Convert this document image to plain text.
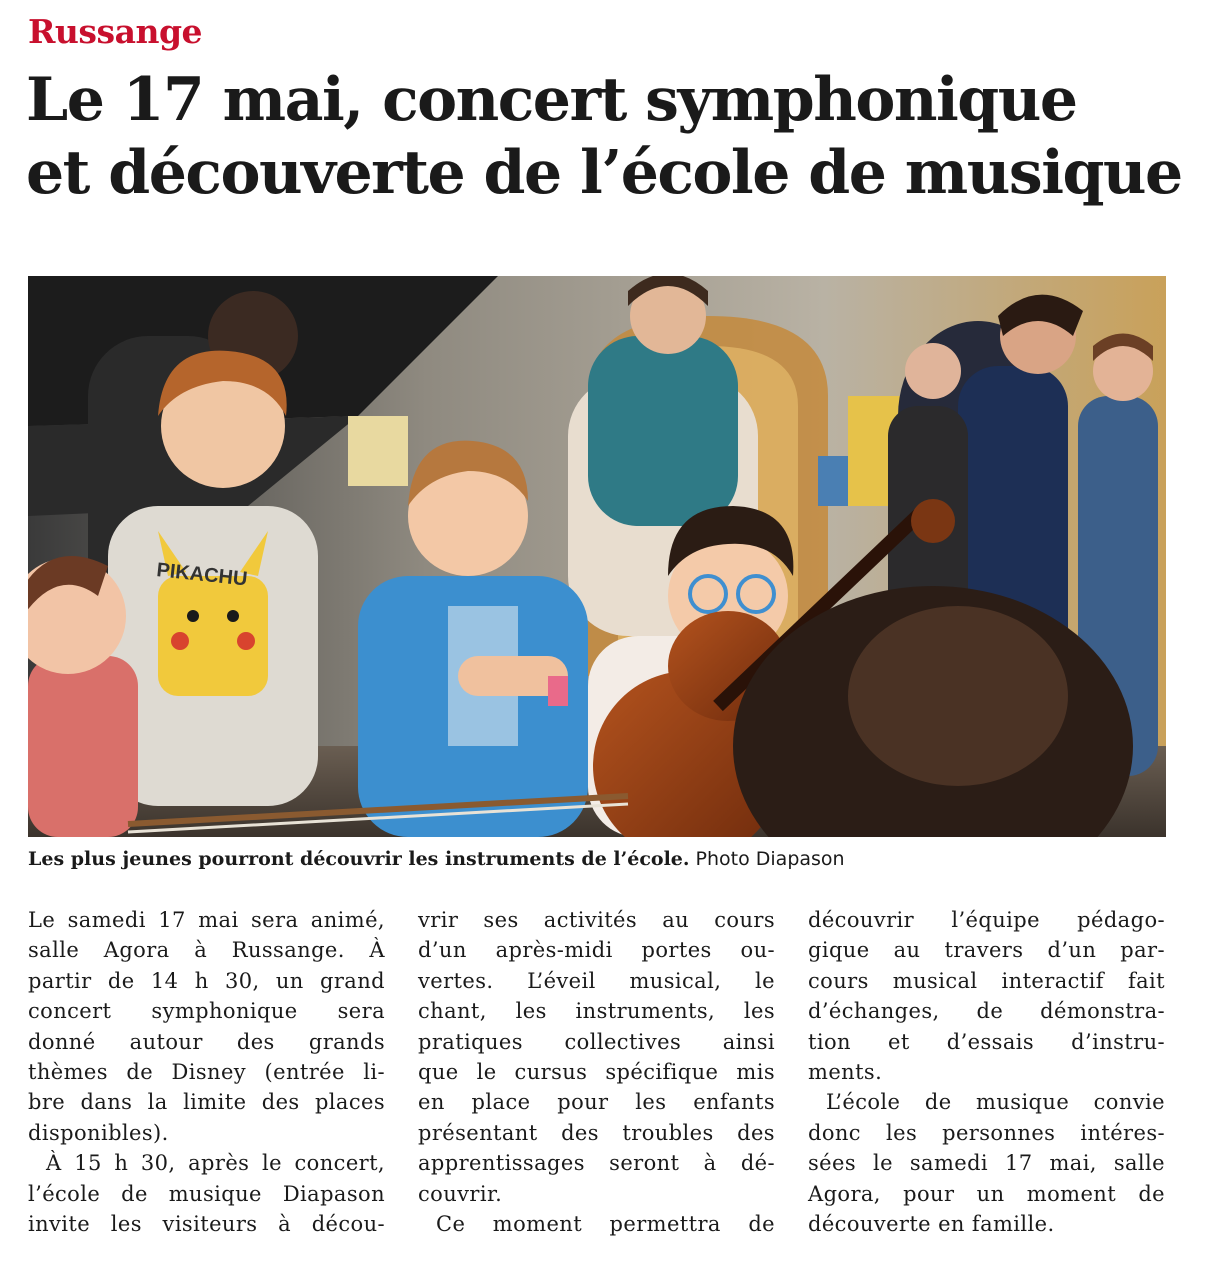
Russange
Le 17 mai, concert symphonique
et découverte de l’école de musique
PIKACHU
Les plus jeunes pourront découvrir les instruments de l’école. Photo Diapason
Le samedi 17 mai sera animé,
salle Agora à Russange. À
partir de 14 h 30, un grand
concert symphonique sera
donné autour des grands
thèmes de Disney (entrée li-
bre dans la limite des places
disponibles).
À 15 h 30, après le concert,
l’école de musique Diapason
invite les visiteurs à décou-
vrir ses activités au cours
d’un après-midi portes ou-
vertes. L’éveil musical, le
chant, les instruments, les
pratiques collectives ainsi
que le cursus spécifique mis
en place pour les enfants
présentant des troubles des
apprentissages seront à dé-
couvrir.
Ce moment permettra de
découvrir l’équipe pédago-
gique au travers d’un par-
cours musical interactif fait
d’échanges, de démonstra-
tion et d’essais d’instru-
ments.
L’école de musique convie
donc les personnes intéres-
sées le samedi 17 mai, salle
Agora, pour un moment de
découverte en famille.
